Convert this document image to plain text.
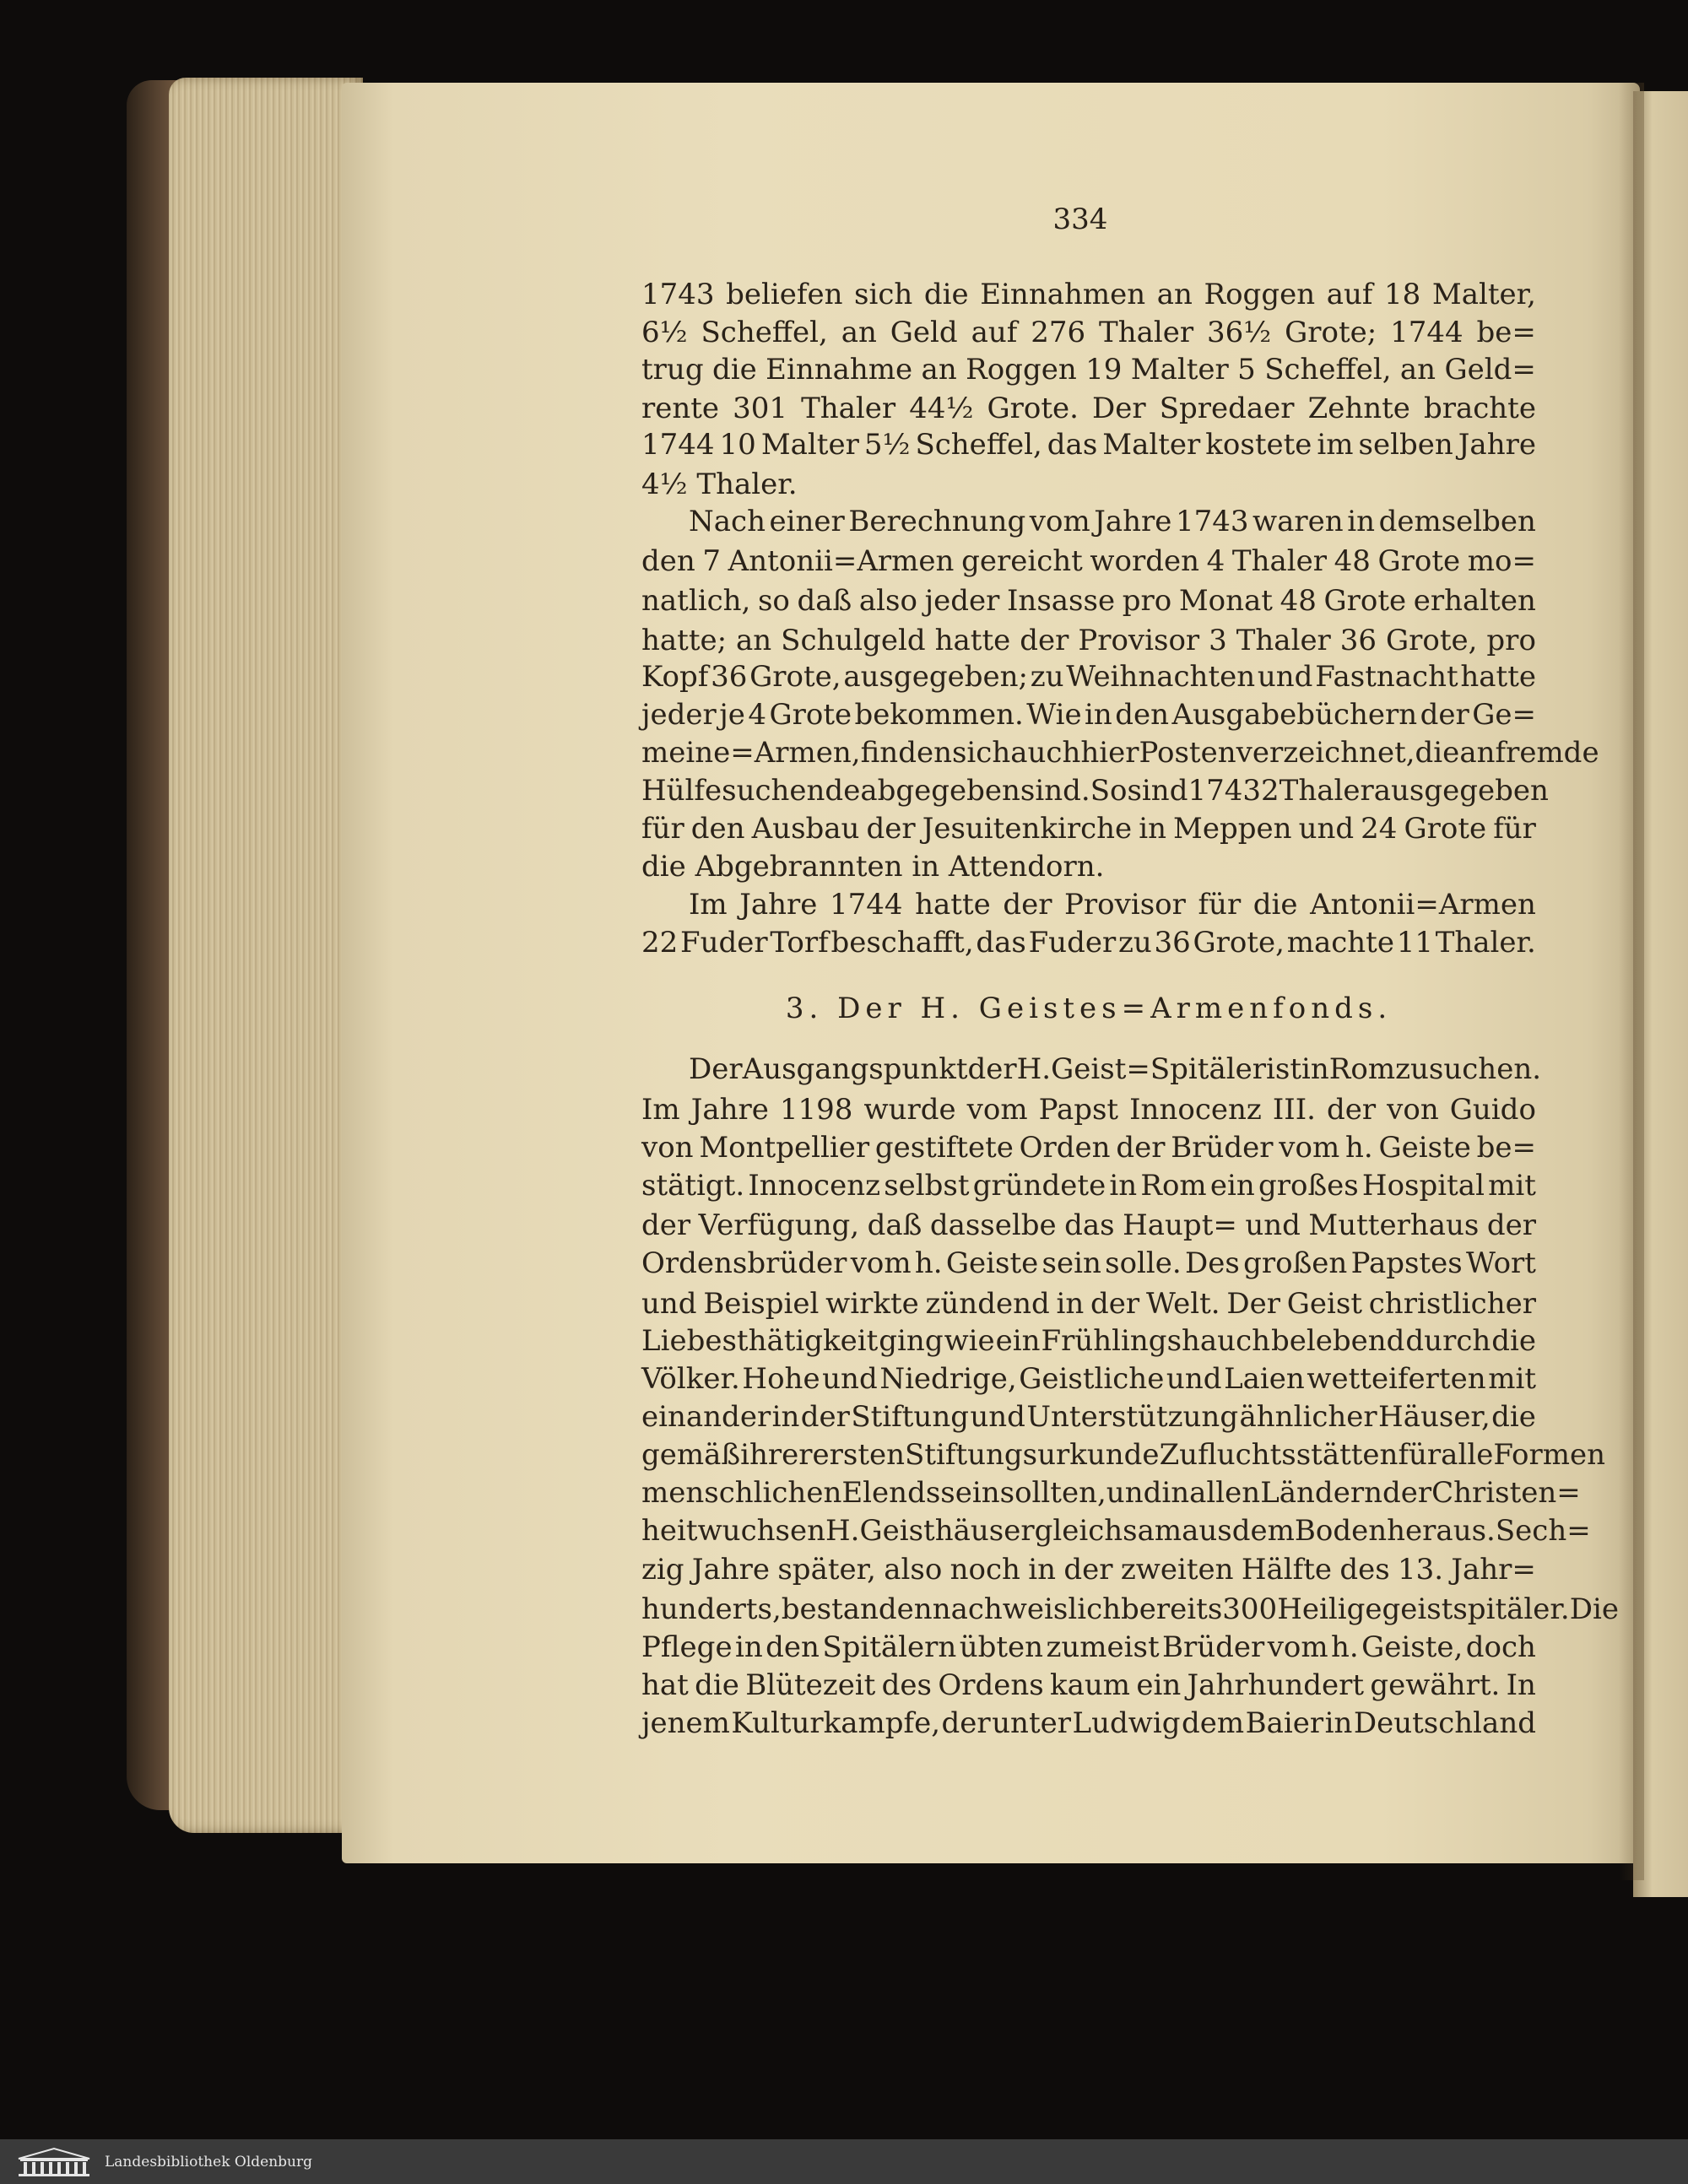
334
1743 beliefen sich die Einnahmen an Roggen auf 18 Malter,
6½ Scheffel, an Geld auf 276 Thaler 36½ Grote; 1744 be=
trug die Einnahme an Roggen 19 Malter 5 Scheffel, an Geld=
rente 301 Thaler 44½ Grote. Der Spredaer Zehnte brachte
1744 10 Malter 5½ Scheffel, das Malter kostete im selben Jahre
4½ Thaler.
Nach einer Berechnung vom Jahre 1743 waren in demselben
den 7 Antonii=Armen gereicht worden 4 Thaler 48 Grote mo=
natlich, so daß also jeder Insasse pro Monat 48 Grote erhalten
hatte; an Schulgeld hatte der Provisor 3 Thaler 36 Grote, pro
Kopf 36 Grote, ausgegeben; zu Weihnachten und Fastnacht hatte
jeder je 4 Grote bekommen. Wie in den Ausgabebüchern der Ge=
meine=Armen, finden sich auch hier Posten verzeichnet, die an fremde
Hülfesuchende abgegeben sind. So sind 1743 2 Thaler ausgegeben
für den Ausbau der Jesuitenkirche in Meppen und 24 Grote für
die Abgebrannten in Attendorn.
Im Jahre 1744 hatte der Provisor für die Antonii=Armen
22 Fuder Torf beschafft, das Fuder zu 36 Grote, machte 11 Thaler.
3. Der H. Geistes=Armenfonds.
Der Ausgangspunkt der H. Geist=Spitäler ist in Rom zu suchen.
Im Jahre 1198 wurde vom Papst Innocenz III. der von Guido
von Montpellier gestiftete Orden der Brüder vom h. Geiste be=
stätigt. Innocenz selbst gründete in Rom ein großes Hospital mit
der Verfügung, daß dasselbe das Haupt= und Mutterhaus der
Ordensbrüder vom h. Geiste sein solle. Des großen Papstes Wort
und Beispiel wirkte zündend in der Welt. Der Geist christlicher
Liebesthätigkeit ging wie ein Frühlingshauch belebend durch die
Völker. Hohe und Niedrige, Geistliche und Laien wetteiferten mit
einander in der Stiftung und Unterstützung ähnlicher Häuser, die
gemäß ihrer ersten Stiftungsurkunde Zufluchtsstätten für alle Formen
menschlichen Elends sein sollten, und in allen Ländern der Christen=
heit wuchsen H. Geisthäuser gleichsam aus dem Boden heraus. Sech=
zig Jahre später, also noch in der zweiten Hälfte des 13. Jahr=
hunderts, bestanden nachweislich bereits 300 Heiligegeistspitäler. Die
Pflege in den Spitälern übten zumeist Brüder vom h. Geiste, doch
hat die Blütezeit des Ordens kaum ein Jahrhundert gewährt. In
jenem Kulturkampfe, der unter Ludwig dem Baier in Deutschland
Landesbibliothek Oldenburg
